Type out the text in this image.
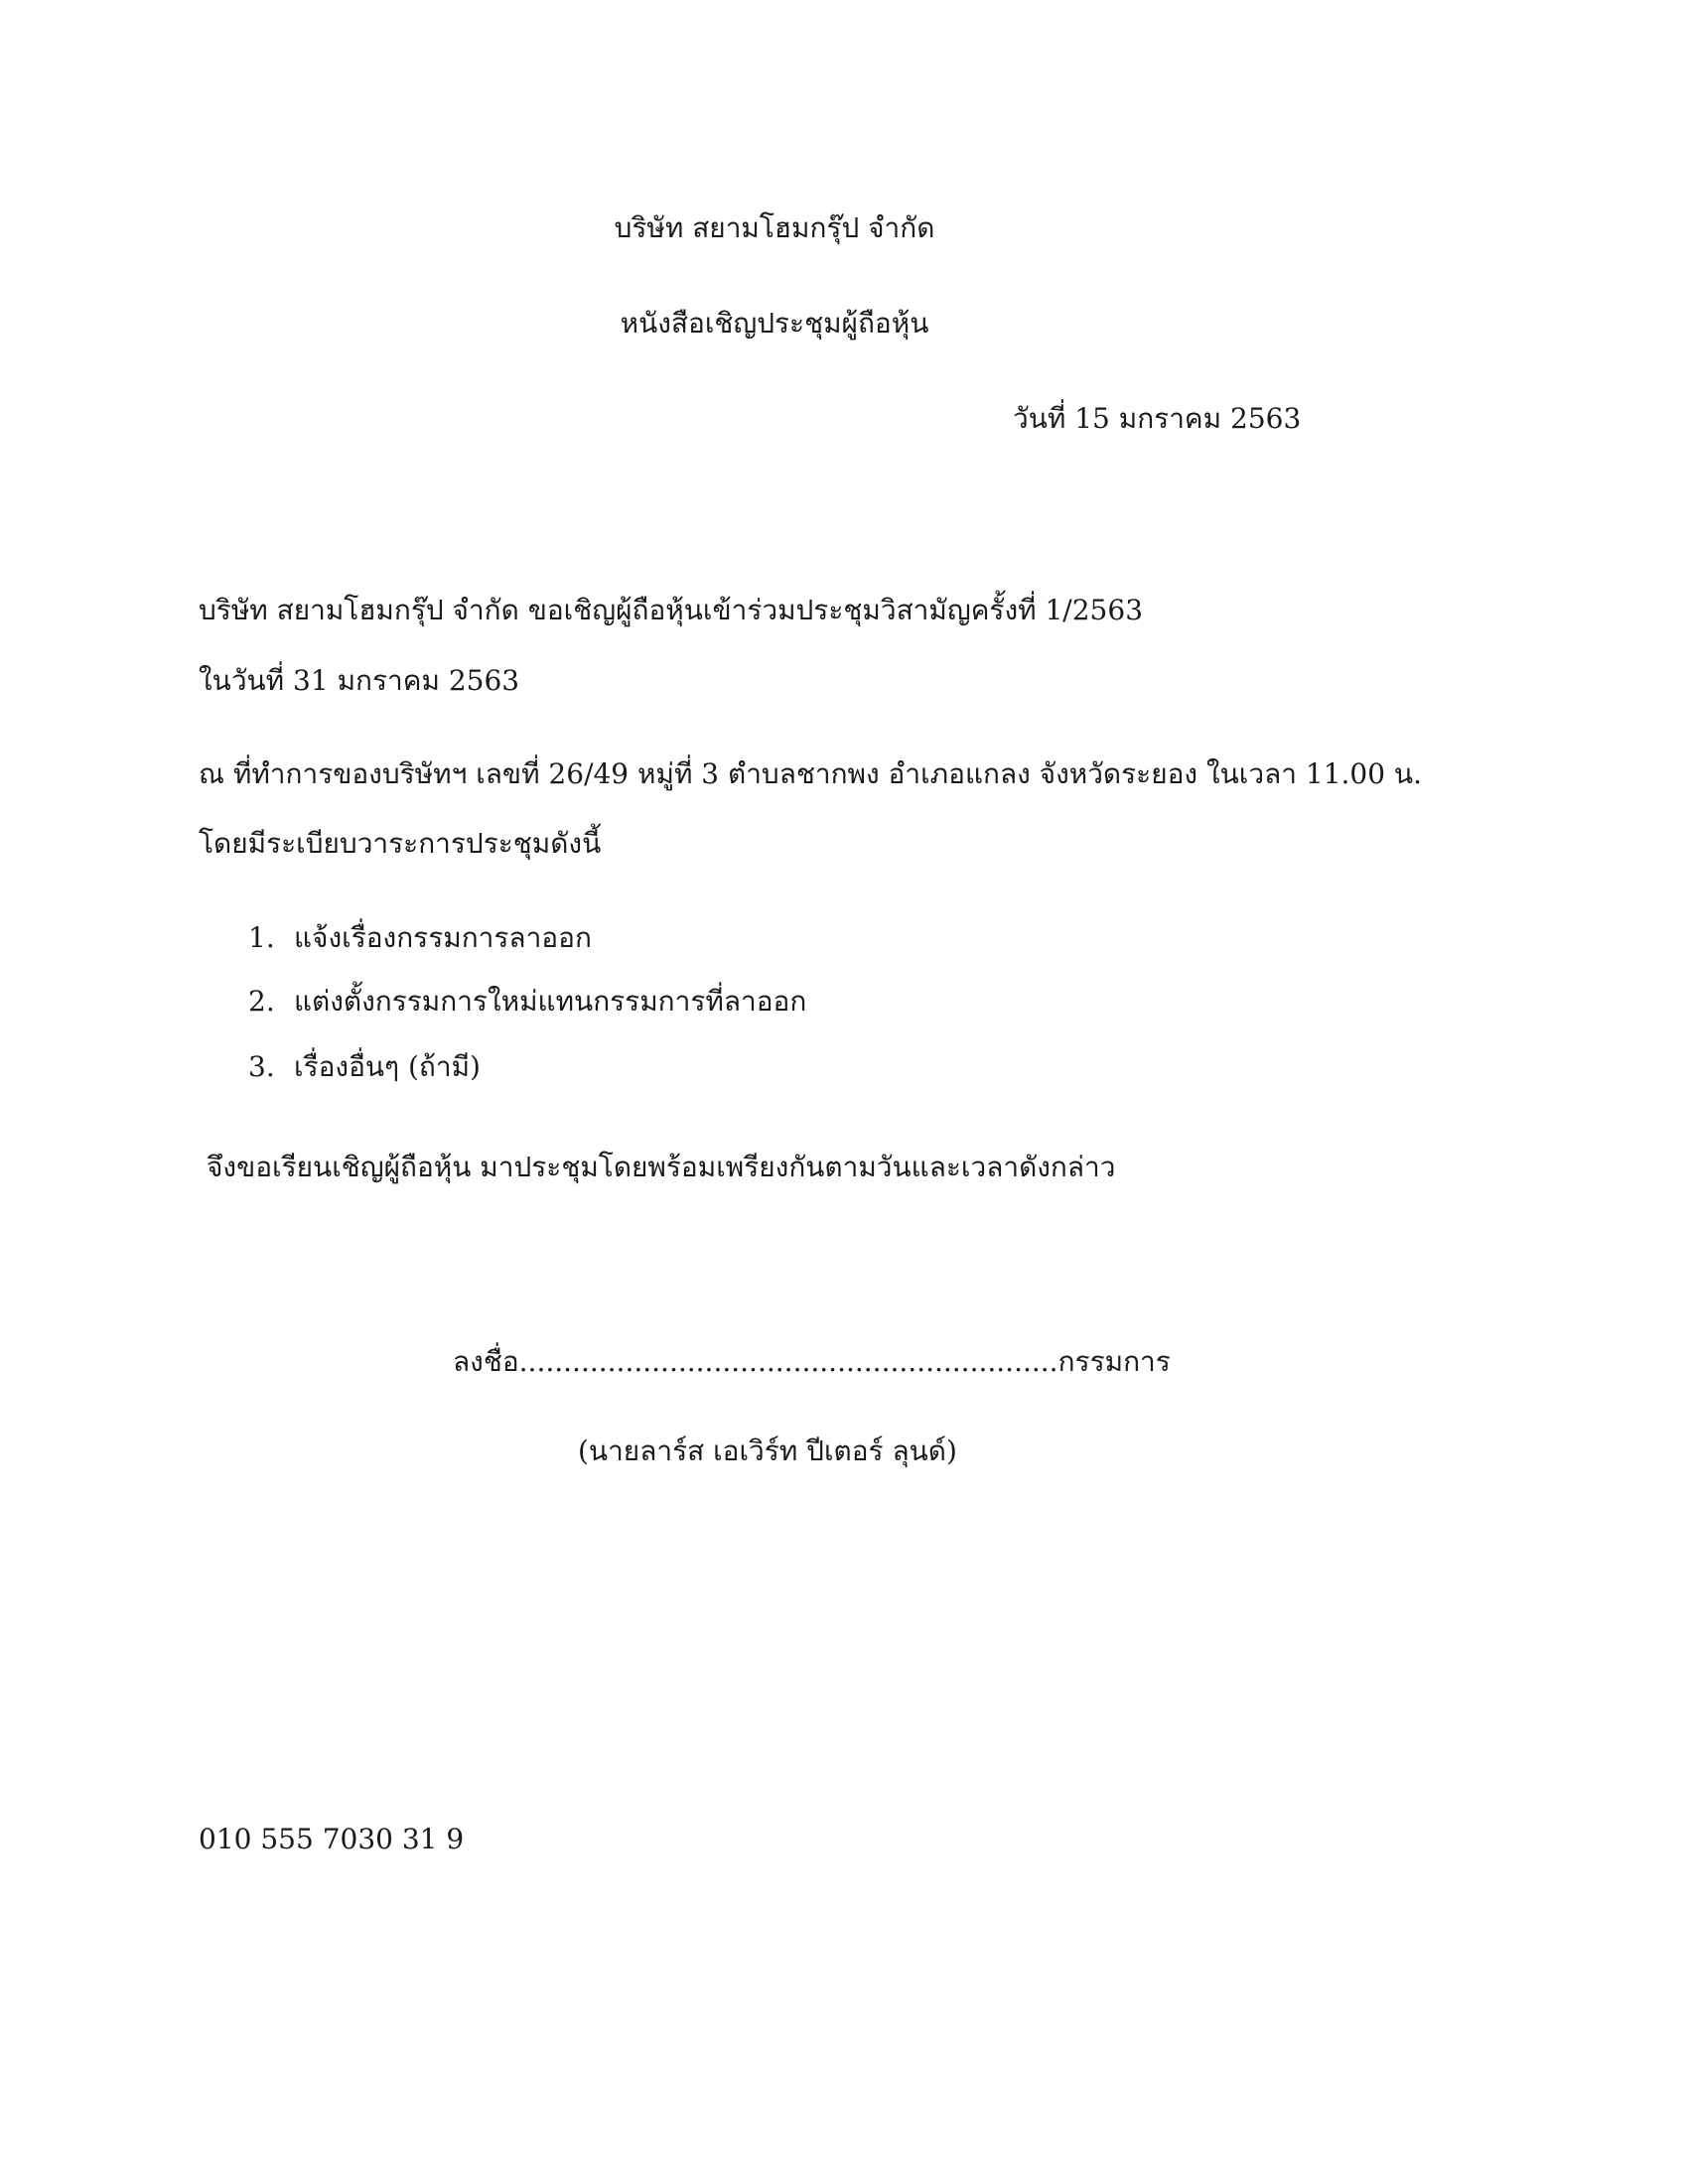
บริษัท สยามโฮมกรุ๊ป จำกัด
หนังสือเชิญประชุมผู้ถือหุ้น
วันที่ 15 มกราคม 2563
บริษัท สยามโฮมกรุ๊ป จำกัด ขอเชิญผู้ถือหุ้นเข้าร่วมประชุมวิสามัญครั้งที่ 1/2563
ในวันที่ 31 มกราคม 2563
ณ ที่ทำการของบริษัทฯ เลขที่ 26/49 หมู่ที่ 3 ตำบลชากพง อำเภอแกลง จังหวัดระยอง ในเวลา 11.00 น.
โดยมีระเบียบวาระการประชุมดังนี้
1. แจ้งเรื่องกรรมการลาออก
2. แต่งตั้งกรรมการใหม่แทนกรรมการที่ลาออก
3. เรื่องอื่นๆ (ถ้ามี)
จึงขอเรียนเชิญผู้ถือหุ้น มาประชุมโดยพร้อมเพรียงกันตามวันและเวลาดังกล่าว
ลงชื่อ.............................................................กรรมการ
(นายลาร์ส เอเวิร์ท ปีเตอร์ ลุนด์)
010 555 7030 31 9
